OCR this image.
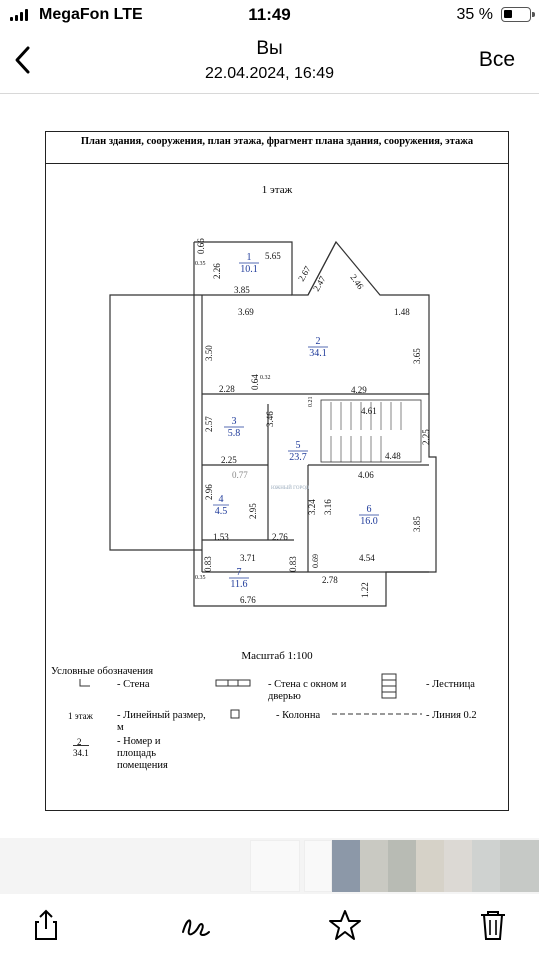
MegaFon LTE	11:49	35 %
Вы
22.04.2024, 16:49
Все
План здания, сооружения, план этажа, фрагмент плана здания, сооружения, этажа
1 этаж
1
10.1
2
34.1
3
5.8
4
4.5
5
23.7
6
16.0
7
11.6
0.66
0.35 2.26
5.65
2.67
2.47 2.46
3.85
3.69	1.48
3.50	3.65
2.28 0.64 0.32
4.29
0.21
2.57	3.46
4.61
2.25
2.25
4.48
0.77	4.06
2.96
3.24 3.16
2.95
3.85
1.53	2.76
0.83	3.71	0.83 0.69	4.54
0.35	2.78
1.22
6.76
ЮЖНЫЙ ГОРОД
Масштаб 1:100
Условные обозначения
- Стена	- Стена с окном и дверью
- Лестница
1 этаж - Линейный размер, м
- Колонна	- Линия 0.2
2
34.1
- Номер и площадь помещения
